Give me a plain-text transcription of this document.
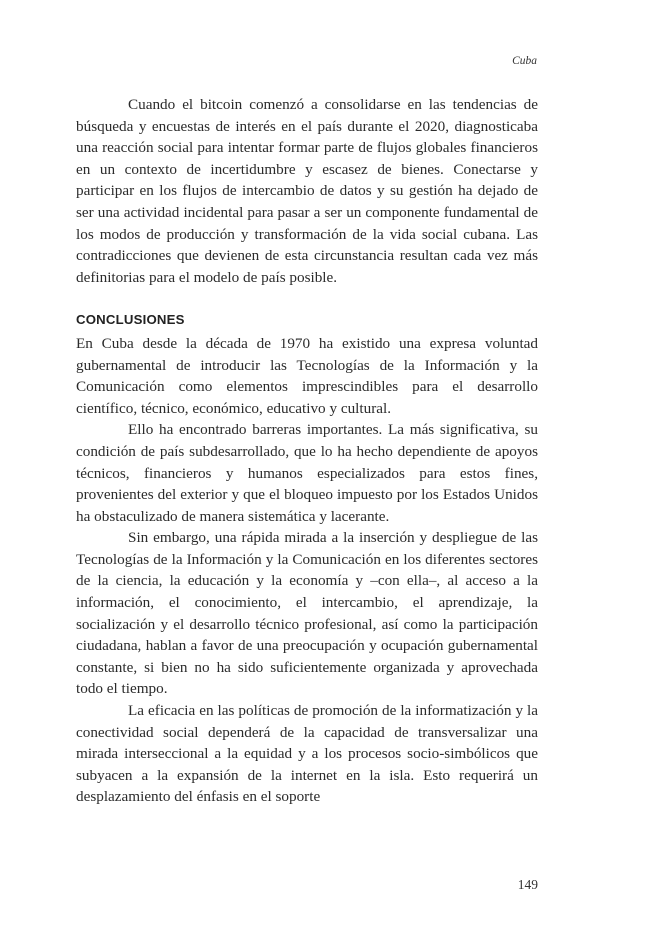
Cuba

Cuando el bitcoin comenzó a consolidarse en las tendencias de búsqueda y encuestas de interés en el país durante el 2020, diagnosticaba una reacción social para intentar formar parte de flujos globales financieros en un contexto de incertidumbre y escasez de bienes. Conectarse y participar en los flujos de intercambio de datos y su gestión ha dejado de ser una actividad incidental para pasar a ser un componente fundamental de los modos de producción y transformación de la vida social cubana. Las contradicciones que devienen de esta circunstancia resultan cada vez más definitorias para el modelo de país posible.

CONCLUSIONES

En Cuba desde la década de 1970 ha existido una expresa voluntad gubernamental de introducir las Tecnologías de la Información y la Comunicación como elementos imprescindibles para el desarrollo científico, técnico, económico, educativo y cultural.

Ello ha encontrado barreras importantes. La más significativa, su condición de país subdesarrollado, que lo ha hecho dependiente de apoyos técnicos, financieros y humanos especializados para estos fines, provenientes del exterior y que el bloqueo impuesto por los Estados Unidos ha obstaculizado de manera sistemática y lacerante.

Sin embargo, una rápida mirada a la inserción y despliegue de las Tecnologías de la Información y la Comunicación en los diferentes sectores de la ciencia, la educación y la economía y –con ella–, al acceso a la información, el conocimiento, el intercambio, el aprendizaje, la socialización y el desarrollo técnico profesional, así como la participación ciudadana, hablan a favor de una preocupación y ocupación gubernamental constante, si bien no ha sido suficientemente organizada y aprovechada todo el tiempo.

La eficacia en las políticas de promoción de la informatización y la conectividad social dependerá de la capacidad de transversalizar una mirada interseccional a la equidad y a los procesos socio-simbólicos que subyacen a la expansión de la internet en la isla. Esto requerirá un desplazamiento del énfasis en el soporte

149
